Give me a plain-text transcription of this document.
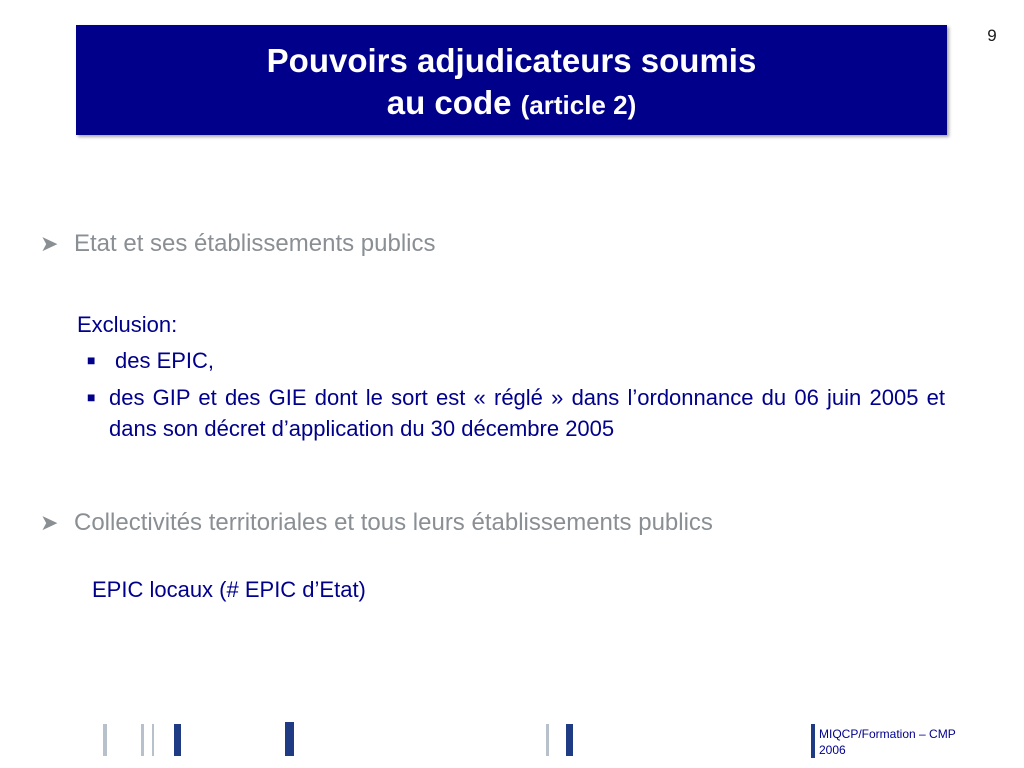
9
Pouvoirs adjudicateurs soumis
au code (article 2)
➤ Etat et ses établissements publics
Exclusion:
■ des EPIC,
■ des GIP et des GIE dont le sort est « réglé » dans l’ordonnance du 06 juin 2005 et dans son décret d’application du 30 décembre 2005
➤ Collectivités territoriales et tous leurs établissements publics
EPIC locaux (# EPIC d’Etat)
MIQCP/Formation – CMP
2006
